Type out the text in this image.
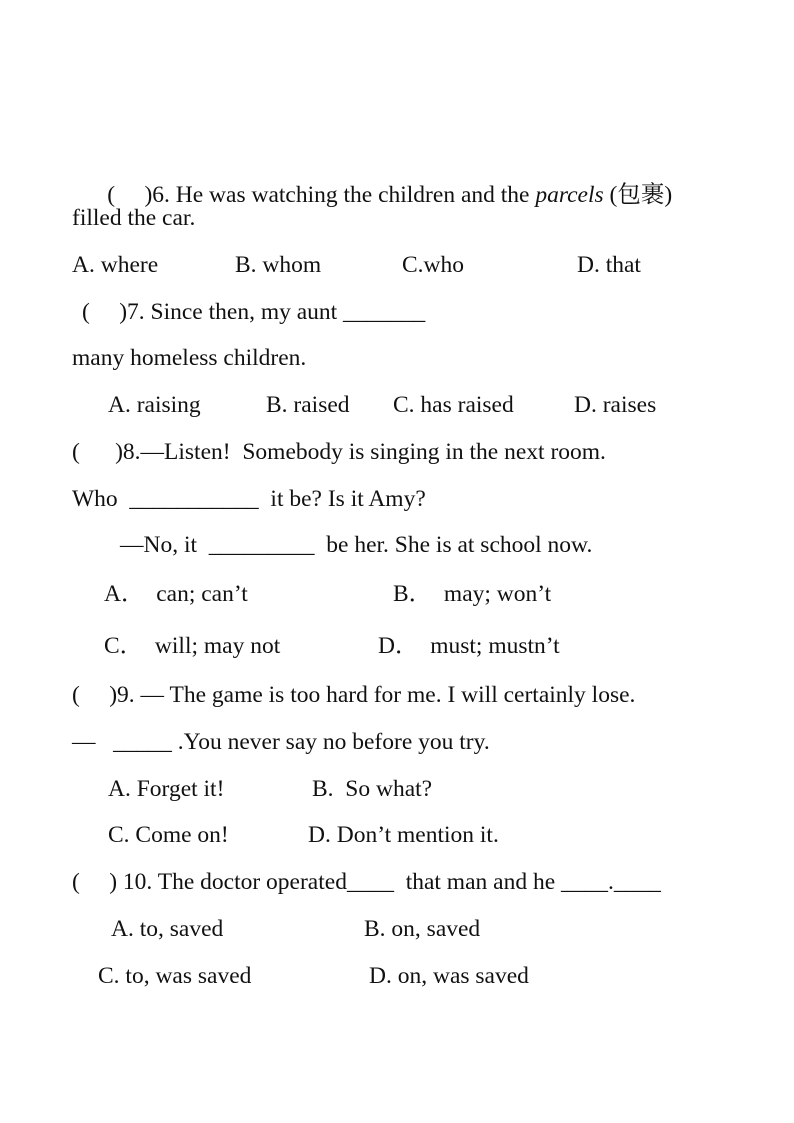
(     )6. He was watching the children and the parcels (包裹)

filled the car.
A. where	B. whom	C.who	D. that
(     )7. Since then, my aunt _______
many homeless children.
A. raising	B. raised C. has raised	D. raises
(      )8.—Listen!  Somebody is singing in the next room.
Who  ___________  it be? Is it Amy?
—No, it  _________  be her. She is at school now.
A．  can; can’t	B．  may; won’t
C．  will; may not	D．  must; mustn’t
(     )9. — The game is too hard for me. I will certainly lose.
—   _____ .You never say no before you try.
A. Forget it!	B.  So what?
C. Come on!	D. Don’t mention it.
(     ) 10. The doctor operated____  that man and he ____.____
A. to, saved	B. on, saved
C. to, was saved	D. on, was saved
